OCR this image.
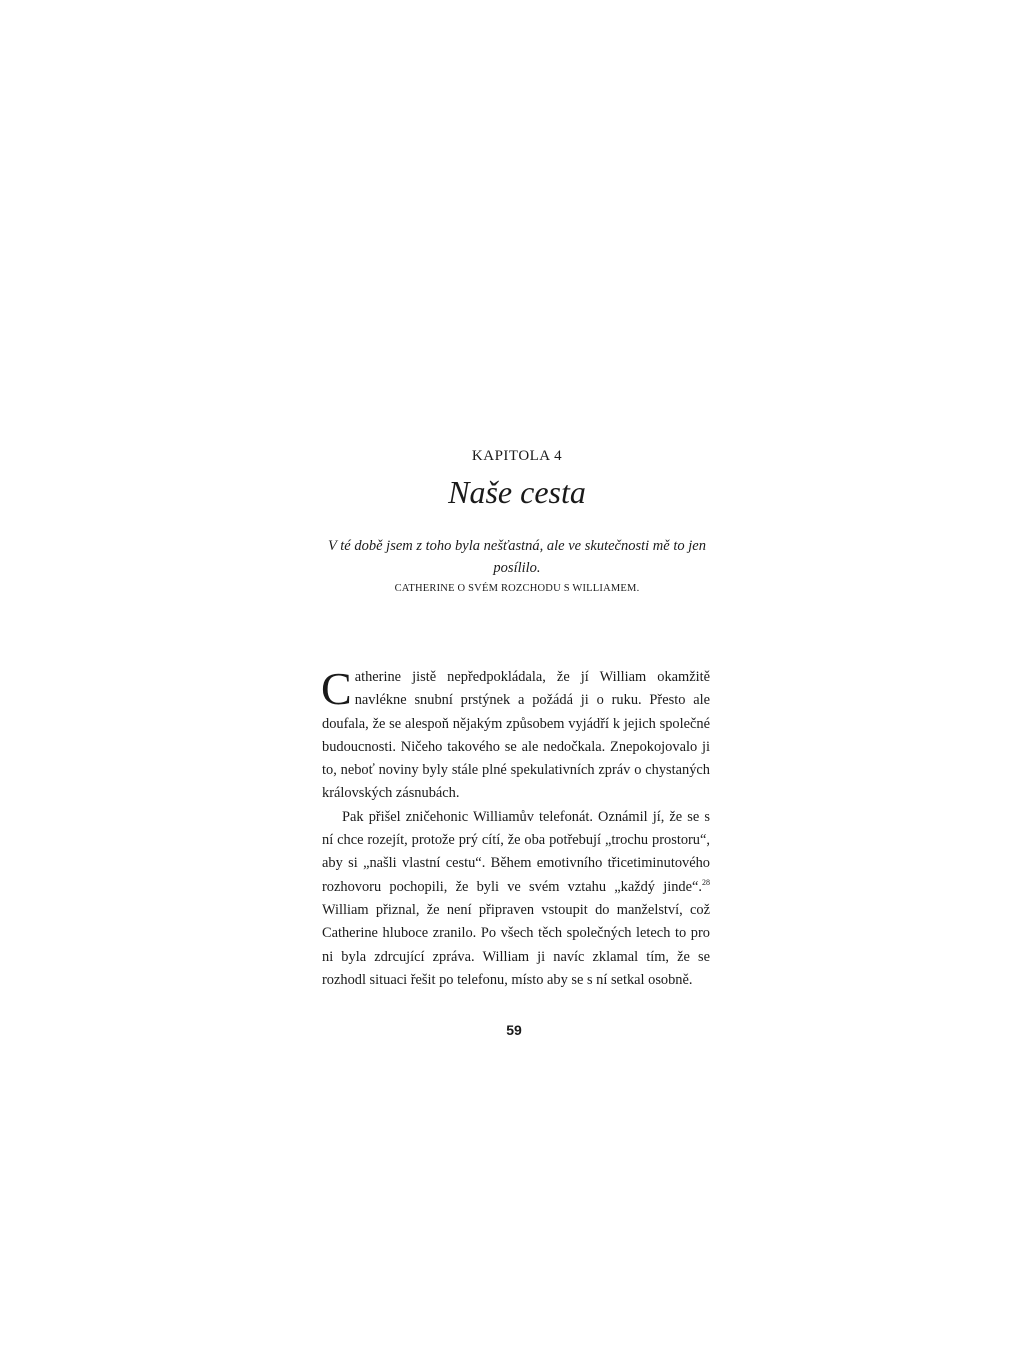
KAPITOLA 4
Naše cesta
V té době jsem z toho byla nešťastná, ale ve skutečnosti mě to jen posílilo.
CATHERINE O SVÉM ROZCHODU S WILLIAMEM.

Catherine jistě nepředpokládala, že jí William okamžitě navlékne snubní prstýnek a požádá ji o ruku. Přesto ale doufala, že se alespoň nějakým způsobem vyjádří k jejich společné budoucnosti. Ničeho takového se ale nedočkala. Znepokojovalo ji to, neboť noviny byly stále plné spekulativních zpráv o chystaných královských zásnubách.

Pak přišel zničehonic Williamův telefonát. Oznámil jí, že se s ní chce rozejít, protože prý cítí, že oba potřebují „trochu prostoru“, aby si „našli vlastní cestu“. Během emotivního třicetiminutového rozhovoru pochopili, že byli ve svém vztahu „každý jinde“.$^{28}$ William přiznal, že není připraven vstoupit do manželství, což Catherine hluboce zranilo. Po všech těch společných letech to pro ni byla zdrcující zpráva. William ji navíc zklamal tím, že se rozhodl situaci řešit po telefonu, místo aby se s ní setkal osobně.

59
